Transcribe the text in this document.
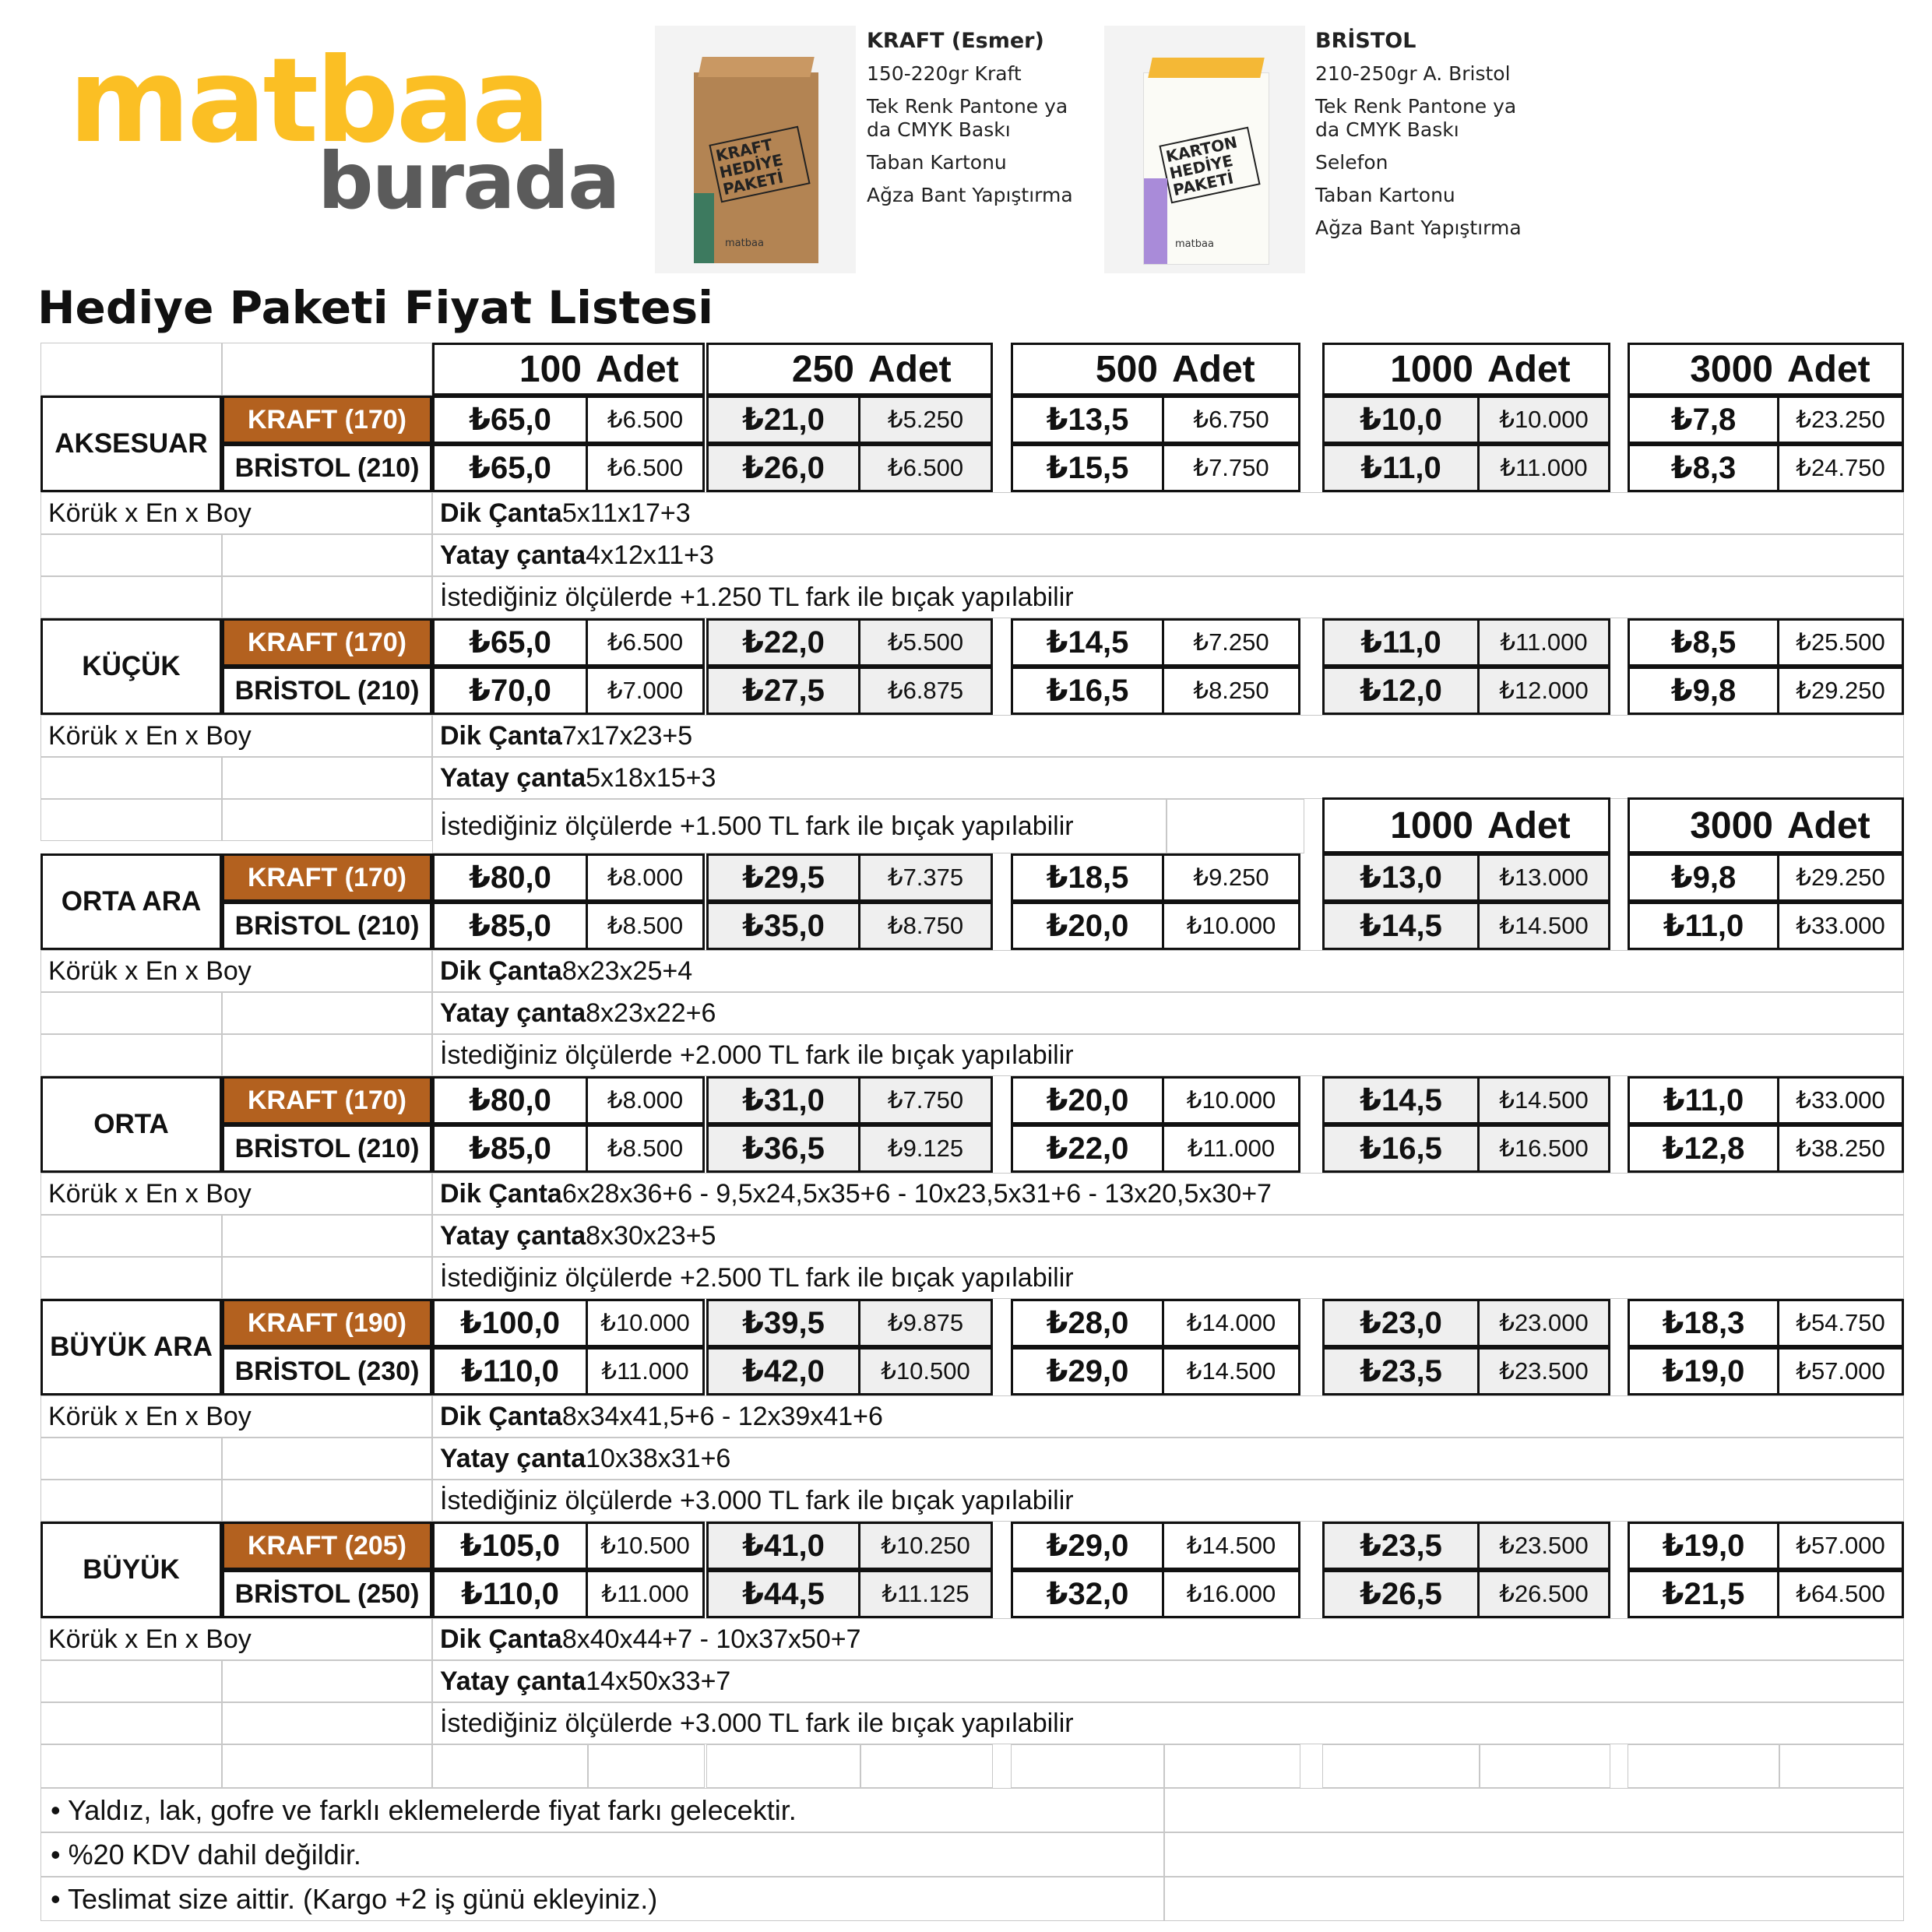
matbaa
burada	KRAFT HEDİYE PAKETİ
matbaa
KRAFT (Esmer)
150-220gr Kraft
Tek Renk Pantone ya da CMYK Baskı
Taban Kartonu
Ağza Bant Yapıştırma
KARTON HEDİYE PAKETİ
matbaa
BRİSTOL
210-250gr A. Bristol
Tek Renk Pantone ya da CMYK Baskı
Selefon
Taban Kartonu
Ağza Bant Yapıştırma
Hediye Paketi Fiyat Listesi
100 Adet	250 Adet	500 Adet	1000 Adet	3000 Adet
AKSESUAR
KRAFT (170)	₺65,0	₺6.500	₺21,0	₺5.250	₺13,5	₺6.750	₺10,0	₺10.000	₺7,8	₺23.250
BRİSTOL (210)	₺65,0	₺6.500	₺26,0	₺6.500	₺15,5	₺7.750	₺11,0	₺11.000	₺8,3	₺24.750
Körük x En x Boy	Dik Çanta 5x11x17+3
Yatay çanta 4x12x11+3
İstediğiniz ölçülerde +1.250 TL fark ile bıçak yapılabilir
KÜÇÜK
KRAFT (170)	₺65,0	₺6.500	₺22,0	₺5.500	₺14,5	₺7.250	₺11,0	₺11.000	₺8,5	₺25.500
BRİSTOL (210)	₺70,0	₺7.000	₺27,5	₺6.875	₺16,5	₺8.250	₺12,0	₺12.000	₺9,8	₺29.250
Körük x En x Boy	Dik Çanta 7x17x23+5
Yatay çanta 5x18x15+3
İstediğiniz ölçülerde +1.500 TL fark ile bıçak yapılabilir	1000 Adet	3000 Adet
ORTA ARA
KRAFT (170)	₺80,0	₺8.000	₺29,5	₺7.375	₺18,5	₺9.250	₺13,0	₺13.000	₺9,8	₺29.250
BRİSTOL (210)	₺85,0	₺8.500	₺35,0	₺8.750	₺20,0	₺10.000	₺14,5	₺14.500	₺11,0	₺33.000
Körük x En x Boy	Dik Çanta 8x23x25+4
Yatay çanta 8x23x22+6
İstediğiniz ölçülerde +2.000 TL fark ile bıçak yapılabilir
ORTA
KRAFT (170)	₺80,0	₺8.000	₺31,0	₺7.750	₺20,0	₺10.000	₺14,5	₺14.500	₺11,0	₺33.000
BRİSTOL (210)	₺85,0	₺8.500	₺36,5	₺9.125	₺22,0	₺11.000	₺16,5	₺16.500	₺12,8	₺38.250
Körük x En x Boy	Dik Çanta 6x28x36+6 - 9,5x24,5x35+6 - 10x23,5x31+6 - 13x20,5x30+7
Yatay çanta 8x30x23+5
İstediğiniz ölçülerde +2.500 TL fark ile bıçak yapılabilir
BÜYÜK ARA
KRAFT (190)	₺100,0	₺10.000	₺39,5	₺9.875	₺28,0	₺14.000	₺23,0	₺23.000	₺18,3	₺54.750
BRİSTOL (230)	₺110,0	₺11.000	₺42,0	₺10.500	₺29,0	₺14.500	₺23,5	₺23.500	₺19,0	₺57.000
Körük x En x Boy	Dik Çanta 8x34x41,5+6 - 12x39x41+6
Yatay çanta 10x38x31+6
İstediğiniz ölçülerde +3.000 TL fark ile bıçak yapılabilir
BÜYÜK
KRAFT (205)	₺105,0	₺10.500	₺41,0	₺10.250	₺29,0	₺14.500	₺23,5	₺23.500	₺19,0	₺57.000
BRİSTOL (250)	₺110,0	₺11.000	₺44,5	₺11.125	₺32,0	₺16.000	₺26,5	₺26.500	₺21,5	₺64.500
Körük x En x Boy	Dik Çanta 8x40x44+7 - 10x37x50+7
Yatay çanta 14x50x33+7
İstediğiniz ölçülerde +3.000 TL fark ile bıçak yapılabilir
• Yaldız, lak, gofre ve farklı eklemelerde fiyat farkı gelecektir.
• %20 KDV dahil değildir.
• Teslimat size aittir. (Kargo +2 iş günü ekleyiniz.)
